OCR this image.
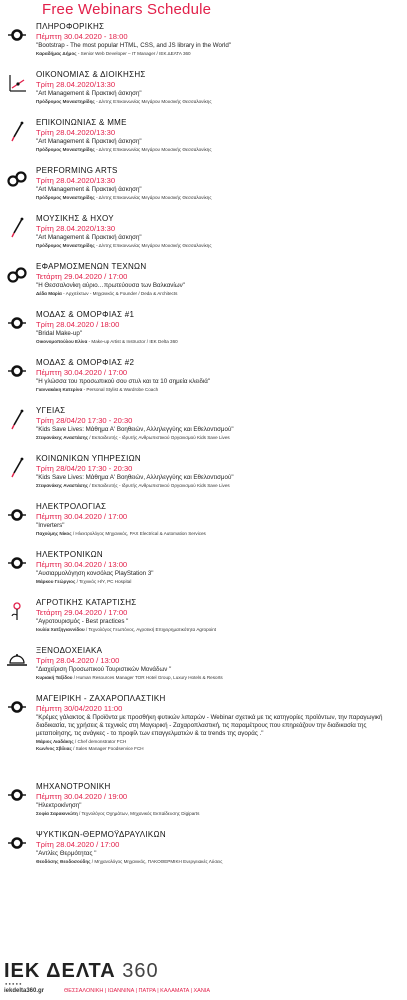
Free Webinars Schedule
ΠΛΗΡΟΦΟΡΙΚΗΣ
Πέμπτη 30.04.2020 - 18:00
"Bootstrap - The most popular HTML, CSS, and JS library in the World"
Καραδήμας Δήμος - Senior Web Developer – IT Manager / ΙΕΚ ΔΕΛΤΑ 360
ΟΙΚΟΝΟΜΙΑΣ & ΔΙΟΙΚΗΣΗΣ
Τρίτη 28.04.2020/13:30
"Art Management & Πρακτική άσκηση"
Πρόδρομος Μοναστηρίδης - Δ/ντης Επικοινωνίας Μεγάρου Μουσικής Θεσσαλονίκης
ΕΠΙΚΟΙΝΩΝΙΑΣ & ΜΜΕ
Τρίτη 28.04.2020/13:30
"Art Management & Πρακτική άσκηση"
Πρόδρομος Μοναστηρίδης - Δ/ντης Επικοινωνίας Μεγάρου Μουσικής Θεσσαλονίκης
PERFORMING ARTS
Τρίτη 28.04.2020/13:30
"Art Management & Πρακτική άσκηση"
Πρόδρομος Μοναστηρίδης - Δ/ντης Επικοινωνίας Μεγάρου Μουσικής Θεσσαλονίκης
ΜΟΥΣΙΚΗΣ & ΗΧΟΥ
Τρίτη 28.04.2020/13:30
"Art Management & Πρακτική άσκηση"
Πρόδρομος Μοναστηρίδης - Δ/ντης Επικοινωνίας Μεγάρου Μουσικής Θεσσαλονίκης
ΕΦΑΡΜΟΣΜΕΝΩΝ ΤΕΧΝΩΝ
Τετάρτη 29.04.2020 / 17:00
"Η Θεσσαλονίκη αύριο…πρωτεύουσα των Βαλκανίων"
Δέδα Μαρία - Αρχιτέκτων - Μηχανικός & Founder / Deda & Architects
ΜΟΔΑΣ & ΟΜΟΡΦΙΑΣ #1
Τρίτη 28.04.2020 / 18:00
"Bridal Make-up"
Οικονομοπούλου Ελίνα - Make-up Artist & Instructor / ΙΕΚ Delta 360
ΜΟΔΑΣ & ΟΜΟΡΦΙΑΣ #2
Πέμπτη 30.04.2020 / 17:00
"Η γλώσσα του προσωπικού σου στυλ και τα 10 σημεία κλειδιά"
Γιαννακάκη Κατερίνα - Personal Stylist & Wardrobe Coach
ΥΓΕΙΑΣ
Τρίτη 28/04/20 17:30 - 20:30
"Kids Save Lives: Μάθημα Α' Βοηθειών, Αλληλεγγύης και Εθελοντισμού"
Στεφανάκης Αναστάσης / Εκπαιδευτής - Ιδρυτής Ανθρωπιστικού Οργανισμού Kids Save Lives
ΚΟΙΝΩΝΙΚΩΝ ΥΠΗΡΕΣΙΩΝ
Τρίτη 28/04/20 17:30 - 20:30
"Kids Save Lives: Μάθημα Α' Βοηθειών, Αλληλεγγύης και Εθελοντισμού"
Στεφανάκης Αναστάσης / Εκπαιδευτής - Ιδρυτής Ανθρωπιστικού Οργανισμού Kids Save Lives
ΗΛΕΚΤΡΟΛΟΓΙΑΣ
Πέμπτη 30.04.2020 / 17:00
"Inverters"
Παχούμης Νίκος / Ηλεκτρολόγος Μηχανικός, PAX Electrical & Automation Services
ΗΛΕΚΤΡΟΝΙΚΩΝ
Πέμπτη 30.04.2020 / 13:00
"Αυσιαρμολόγηση κονσόλας PlayStation 3"
Μάρκου Γεώργιος / Τεχνικός Η/Υ, PC Hospital
ΑΓΡΟΤΙΚΗΣ ΚΑΤΑΡΤΙΣΗΣ
Τετάρτη 29.04.2020 / 17:00
"Αγροτουρισμός - Best practices "
Ιουλία Χατζηγιαννίδου / Τεχνολόγος Γεωπόνος, Αγροτική Επιχειρηματικότητα Agropoint
ΞΕΝΟΔΟΧΕΙΑΚΑ
Τρίτη 28.04.2020 / 13:00
"Διαχείριση Προσωπικού Τουριστικών Μονάδων "
Κυριακή Ταξίδου / Human Resources Manager TOR Hotel Group, Luxury Hotels & Resorts
ΜΑΓΕΙΡΙΚΗ - ΖΑΧΑΡΟΠΛΑΣΤΙΚΗ
Πέμπτη 30/04/2020 11:00
"Κρέμες γάλακτος & Προϊόντα με προσθήκη φυτικών λιπαρών - Webinar σχετικά με τις κατηγορίες προϊόντων, την παραγωγική διαδικασία, τις χρήσεις & τεχνικές στη Μαγειρική - Ζαχαροπλαστική, τις παραμέτρους που επηρεάζουν την διαδικασία της μεταποίησης, τις ανάγκες - το προφίλ των επαγγελματιών & τα trends της αγοράς ."
Μάριος Λιαδάκης / Chef demonstrator FCH
Κων/νος Σβίλιας / Sales Manager Foodservice FCH
ΜΗΧΑΝΟΤΡΟΝΙΚΗ
Πέμπτη 30.04.2020 / 19:00
"Ηλεκτροκίνηση"
Σοφία Σαρακινιώτη / Τεχνολόγος Οχημάτων, Μηχανικός Εκπαίδευσης Digiparts
ΨΥΚΤΙΚΩΝ-ΘΕΡΜΟΫΔΡΑΥΛΙΚΩΝ
Τρίτη 28.04.2020 / 17:00
"Αντλίες Θερμότητας "
Θεοδόσης Θεοδοσούδης / Μηχανολόγος Μηχανικός, ΠΑΚΟΘΕΡΜΙΚΗ Ενεργειακές Λύσεις
ΙΕΚ ΔΕΛΤΑ 360
● ● ● ● ●
iekdelta360.gr	ΘΕΣΣΑΛΟΝΙΚΗ | ΙΩΑΝΝΙΝΑ | ΠΑΤΡΑ | ΚΑΛΑΜΑΤΑ | ΧΑΝΙΑ
